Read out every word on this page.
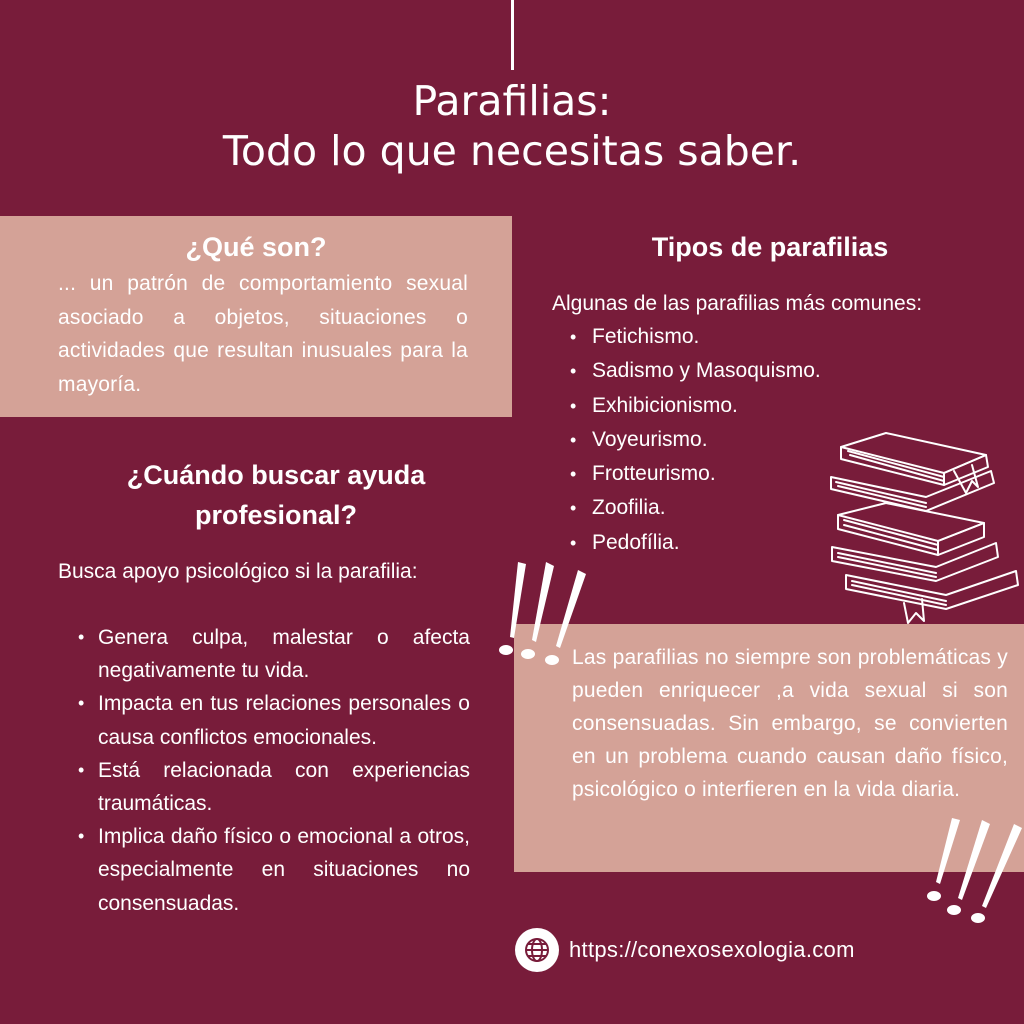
Parafilias:
Todo lo que necesitas saber.
¿Qué son?

... un patrón de comportamiento sexual asociado a objetos, situaciones o actividades que resultan inusuales para la mayoría.

Tipos de parafilias

Algunas de las parafilias más comunes:

• Fetichismo.
• Sadismo y Masoquismo.
• Exhibicionismo.
• Voyeurismo.
• Frotteurismo.
• Zoofilia.
• Pedofília.
¿Cuándo buscar ayuda
profesional?

Busca apoyo psicológico si la parafilia:

• Genera culpa, malestar o afecta negativamente tu vida.
• Impacta en tus relaciones personales o causa conflictos emocionales.
• Está relacionada con experiencias traumáticas.
• Implica daño físico o emocional a otros, especialmente en situaciones no consensuadas.

Las parafilias no siempre son problemáticas y pueden enriquecer ,a vida sexual si son consensuadas. Sin embargo, se convierten en un problema cuando causan daño físico, psicológico o interfieren en la vida diaria.

https://conexosexologia.com
